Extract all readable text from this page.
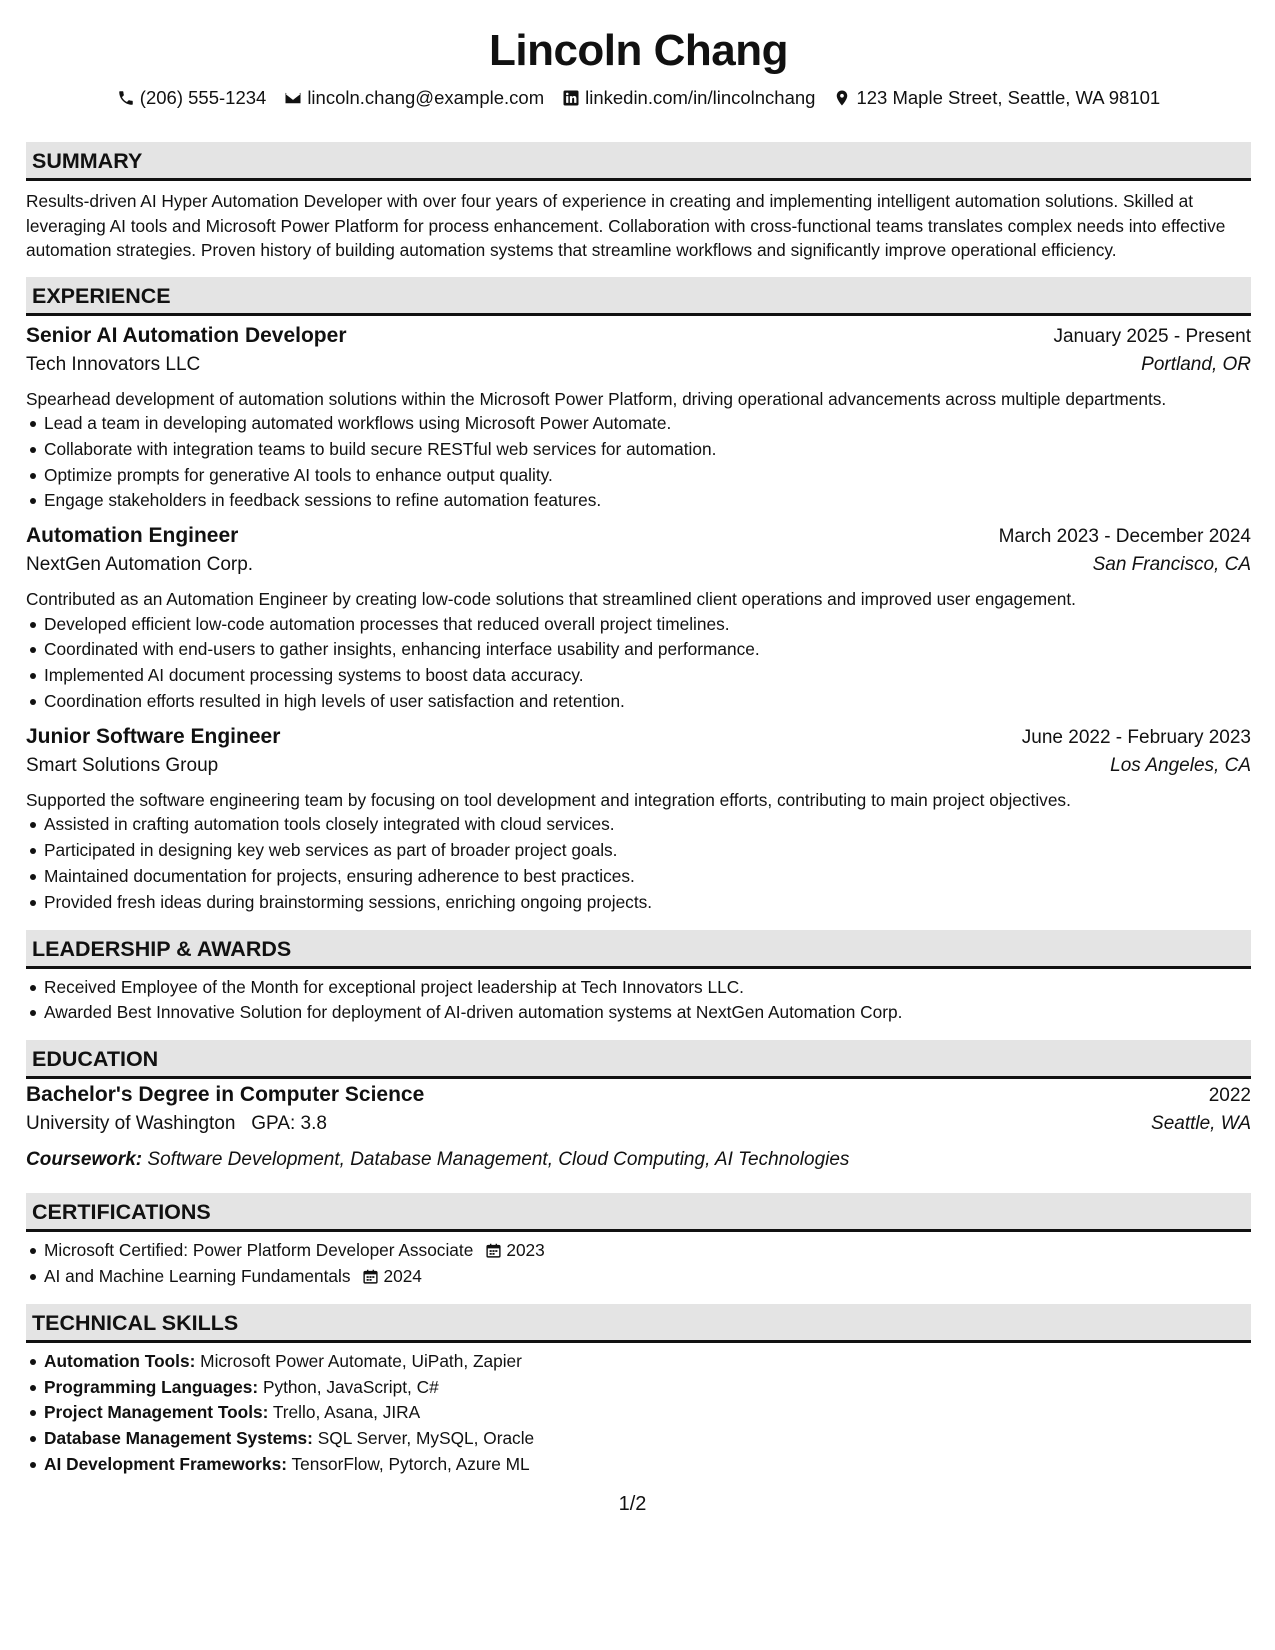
Lincoln Chang
(206) 555-1234 lincoln.chang@example.com linkedin.com/in/lincolnchang 123 Maple Street, Seattle, WA 98101
SUMMARY

Results-driven AI Hyper Automation Developer with over four years of experience in creating and implementing intelligent automation solutions. Skilled at leveraging AI tools and Microsoft Power Platform for process enhancement. Collaboration with cross-functional teams translates complex needs into effective automation strategies. Proven history of building automation systems that streamline workflows and significantly improve operational efficiency.

EXPERIENCE
Senior AI Automation Developer	January 2025 - Present
Tech Innovators LLC	Portland, OR
Spearhead development of automation solutions within the Microsoft Power Platform, driving operational advancements across multiple departments.
Lead a team in developing automated workflows using Microsoft Power Automate.
Collaborate with integration teams to build secure RESTful web services for automation.
Optimize prompts for generative AI tools to enhance output quality.
Engage stakeholders in feedback sessions to refine automation features.
Automation Engineer	March 2023 - December 2024
NextGen Automation Corp.	San Francisco, CA
Contributed as an Automation Engineer by creating low-code solutions that streamlined client operations and improved user engagement.
Developed efficient low-code automation processes that reduced overall project timelines.
Coordinated with end-users to gather insights, enhancing interface usability and performance.
Implemented AI document processing systems to boost data accuracy.
Coordination efforts resulted in high levels of user satisfaction and retention.
Junior Software Engineer	June 2022 - February 2023
Smart Solutions Group	Los Angeles, CA
Supported the software engineering team by focusing on tool development and integration efforts, contributing to main project objectives.
Assisted in crafting automation tools closely integrated with cloud services.
Participated in designing key web services as part of broader project goals.
Maintained documentation for projects, ensuring adherence to best practices.
Provided fresh ideas during brainstorming sessions, enriching ongoing projects.
LEADERSHIP & AWARDS
Received Employee of the Month for exceptional project leadership at Tech Innovators LLC.
Awarded Best Innovative Solution for deployment of AI-driven automation systems at NextGen Automation Corp.
EDUCATION
Bachelor's Degree in Computer Science	2022
University of Washington GPA: 3.8	Seattle, WA
Coursework: Software Development, Database Management, Cloud Computing, AI Technologies
CERTIFICATIONS
Microsoft Certified: Power Platform Developer Associate 2023
AI and Machine Learning Fundamentals 2024
TECHNICAL SKILLS
Automation Tools: Microsoft Power Automate, UiPath, Zapier
Programming Languages: Python, JavaScript, C#
Project Management Tools: Trello, Asana, JIRA
Database Management Systems: SQL Server, MySQL, Oracle
AI Development Frameworks: TensorFlow, Pytorch, Azure ML
1/2
